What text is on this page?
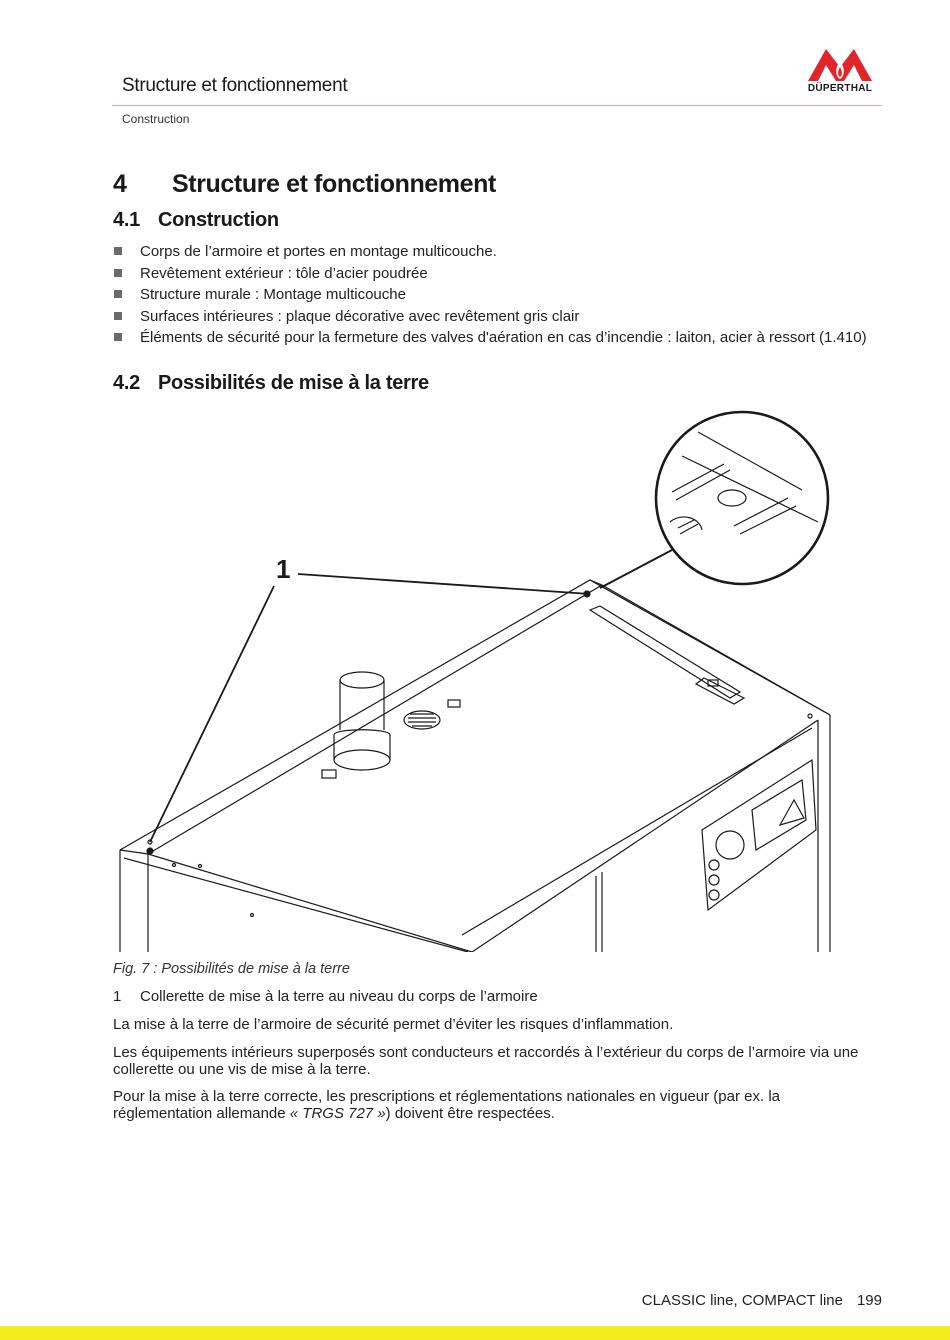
Structure et fonctionnement
Construction
DÜPERTHAL
4 Structure et fonctionnement
4.1 Construction
Corps de l’armoire et portes en montage multicouche.
Revêtement extérieur : tôle d’acier poudrée
Structure murale : Montage multicouche
Surfaces intérieures : plaque décorative avec revêtement gris clair
Éléments de sécurité pour la fermeture des valves d'aération en cas d’incendie : laiton, acier à ressort (1.410)
4.2 Possibilités de mise à la terre
1
Fig. 7 : Possibilités de mise à la terre
1 Collerette de mise à la terre au niveau du corps de l’armoire
La mise à la terre de l’armoire de sécurité permet d’éviter les risques d’inflammation.
Les équipements intérieurs superposés sont conducteurs et raccordés à l’extérieur du corps de l’armoire via une collerette ou une vis de mise à la terre.
Pour la mise à la terre correcte, les prescriptions et réglementations nationales en vigueur (par ex. la réglementation allemande « TRGS 727 ») doivent être respectées.
CLASSIC line, COMPACT line 199
